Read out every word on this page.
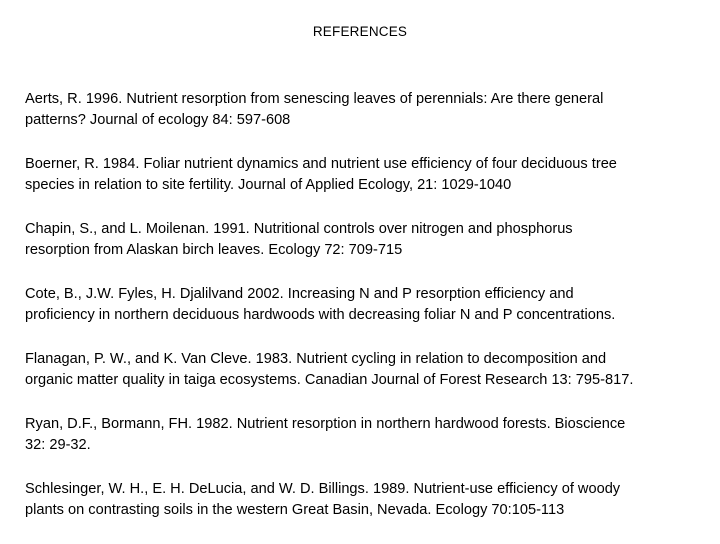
REFERENCES
Aerts, R. 1996. Nutrient resorption from senescing leaves of perennials: Are there general
patterns? Journal of ecology 84: 597-608
Boerner, R. 1984. Foliar nutrient dynamics and nutrient use efficiency of four deciduous tree
species in relation to site fertility. Journal of Applied Ecology, 21: 1029-1040
Chapin, S., and L. Moilenan. 1991. Nutritional controls over nitrogen and phosphorus
resorption from Alaskan birch leaves. Ecology 72: 709-715
Cote, B., J.W. Fyles, H. Djalilvand 2002. Increasing N and P resorption efficiency and
proficiency in northern deciduous hardwoods with decreasing foliar N and P concentrations.
Flanagan, P. W., and K. Van Cleve. 1983. Nutrient cycling in relation to decomposition and
organic matter quality in taiga ecosystems. Canadian Journal of Forest Research 13: 795-817.
Ryan, D.F., Bormann, FH. 1982. Nutrient resorption in northern hardwood forests. Bioscience
32: 29-32.
Schlesinger, W. H., E. H. DeLucia, and W. D. Billings. 1989. Nutrient-use efficiency of woody
plants on contrasting soils in the western Great Basin, Nevada. Ecology 70:105-113
